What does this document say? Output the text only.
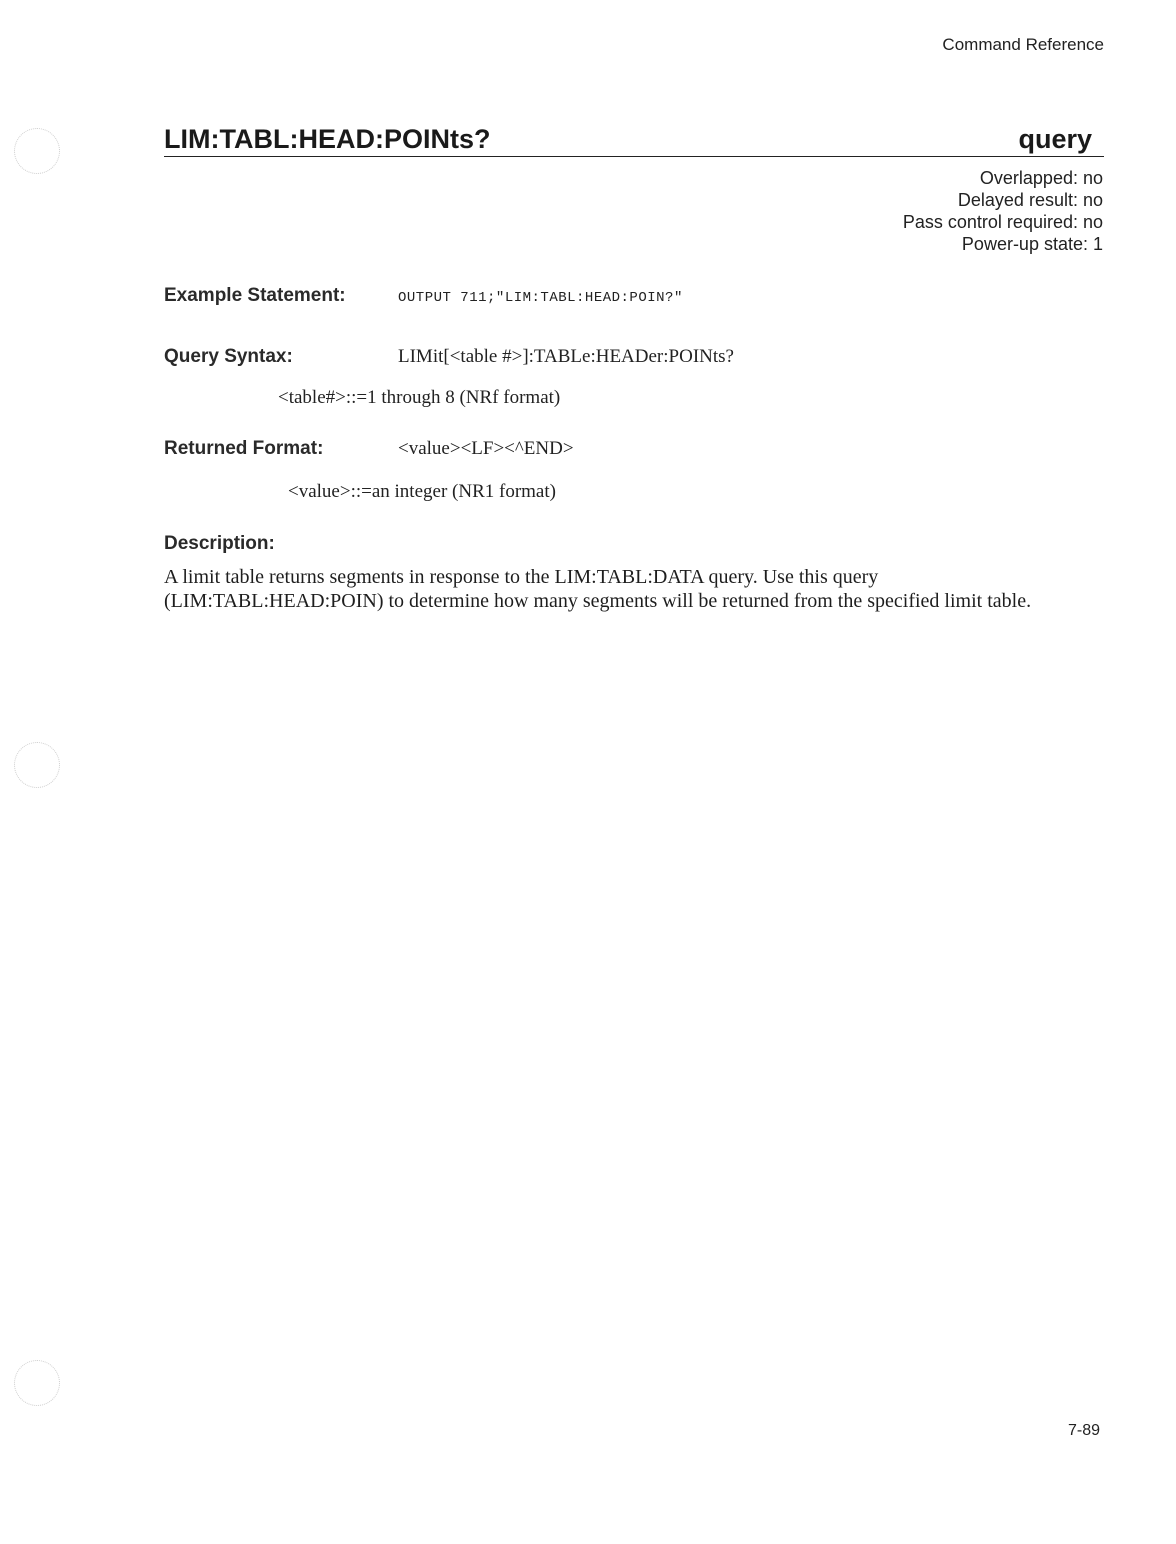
Command Reference
LIM:TABL:HEAD:POINts?	query
Overlapped: no
Delayed result: no
Pass control required: no
Power-up state: 1
Example Statement:	OUTPUT 711;"LIM:TABL:HEAD:POIN?"
Query Syntax:	LIMit[<table #>]:TABLe:HEADer:POINts?
<table#>::=1 through 8 (NRf format)
Returned Format:	<value><LF><^END>
<value>::=an integer (NR1 format)
Description:
A limit table returns segments in response to the LIM:TABL:DATA query. Use this query (LIM:TABL:HEAD:POIN) to determine how many segments will be returned from the specified limit table.
7-89
